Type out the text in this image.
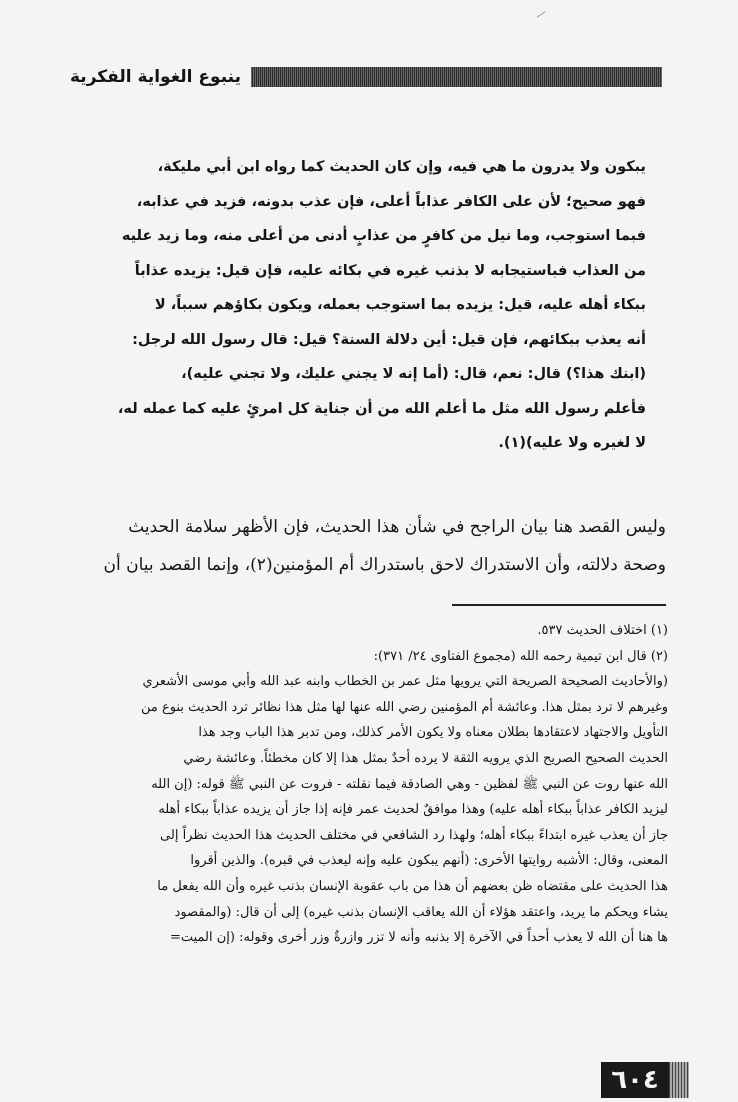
ينبوع الغواية الفكرية
يبكون ولا يدرون ما هي فيه، وإن كان الحديث كما رواه ابن أبي مليكة،
فهو صحيح؛ لأن على الكافر عذاباً أعلى، فإن عذب بدونه، فزيد في عذابه،
فبما استوجب، وما نيل من كافرٍ من عذابٍ أدنى من أعلى منه، وما زيد عليه
من العذاب فباستيجابه لا بذنب غيره في بكائه عليه، فإن قيل: يزيده عذاباً
ببكاء أهله عليه، قيل: يزيده بما استوجب بعمله، ويكون بكاؤهم سبباً، لا
أنه يعذب ببكائهم، فإن قيل: أين دلالة السنة؟ قيل: قال رسول الله لرجل:
(ابنك هذا؟) قال: نعم، قال: (أما إنه لا يجني عليك، ولا تجني عليه)،
فأعلم رسول الله مثل ما أعلم الله من أن جناية كل امرئٍ عليه كما عمله له،
لا لغيره ولا عليه)(١).
وليس القصد هنا بيان الراجح في شأن هذا الحديث، فإن الأظهر سلامة الحديث
وصحة دلالته، وأن الاستدراك لاحق باستدراك أم المؤمنين(٢)، وإنما القصد بيان أن
(١) اختلاف الحديث ٥٣٧.
(٢) قال ابن تيمية رحمه الله (مجموع الفتاوى ٢٤/ ٣٧١):
(والأحاديث الصحيحة الصريحة التي يرويها مثل عمر بن الخطاب وابنه عبد الله وأبي موسى الأشعري
وغيرهم لا ترد بمثل هذا. وعائشة أم المؤمنين رضي الله عنها لها مثل هذا نظائر ترد الحديث بنوع من
التأويل والاجتهاد لاعتقادها بطلان معناه ولا يكون الأمر كذلك، ومن تدبر هذا الباب وجد هذا
الحديث الصحيح الصريح الذي يرويه الثقة لا يرده أحدٌ بمثل هذا إلا كان مخطئاً. وعائشة رضي
الله عنها روت عن النبي ﷺ لفظين - وهي الصادقة فيما نقلته - فروت عن النبي ﷺ قوله: (إن الله
ليزيد الكافر عذاباً ببكاء أهله عليه) وهذا موافقٌ لحديث عمر فإنه إذا جاز أن يزيده عذاباً ببكاء أهله
جاز أن يعذب غيره ابتداءً ببكاء أهله؛ ولهذا رد الشافعي في مختلف الحديث هذا الحديث نظراً إلى
المعنى، وقال: الأشبه روايتها الأخرى: (أنهم يبكون عليه وإنه ليعذب في قبره). والذين أقروا
هذا الحديث على مقتضاه ظن بعضهم أن هذا من باب عقوبة الإنسان بذنب غيره وأن الله يفعل ما
يشاء ويحكم ما يريد، واعتقد هؤلاء أن الله يعاقب الإنسان بذنب غيره) إلى أن قال: (والمقصود
ها هنا أن الله لا يعذب أحداً في الآخرة إلا بذنبه وأنه لا تزر وازرةٌ وزر أخرى وقوله: (إن الميت=
٦٠٤
